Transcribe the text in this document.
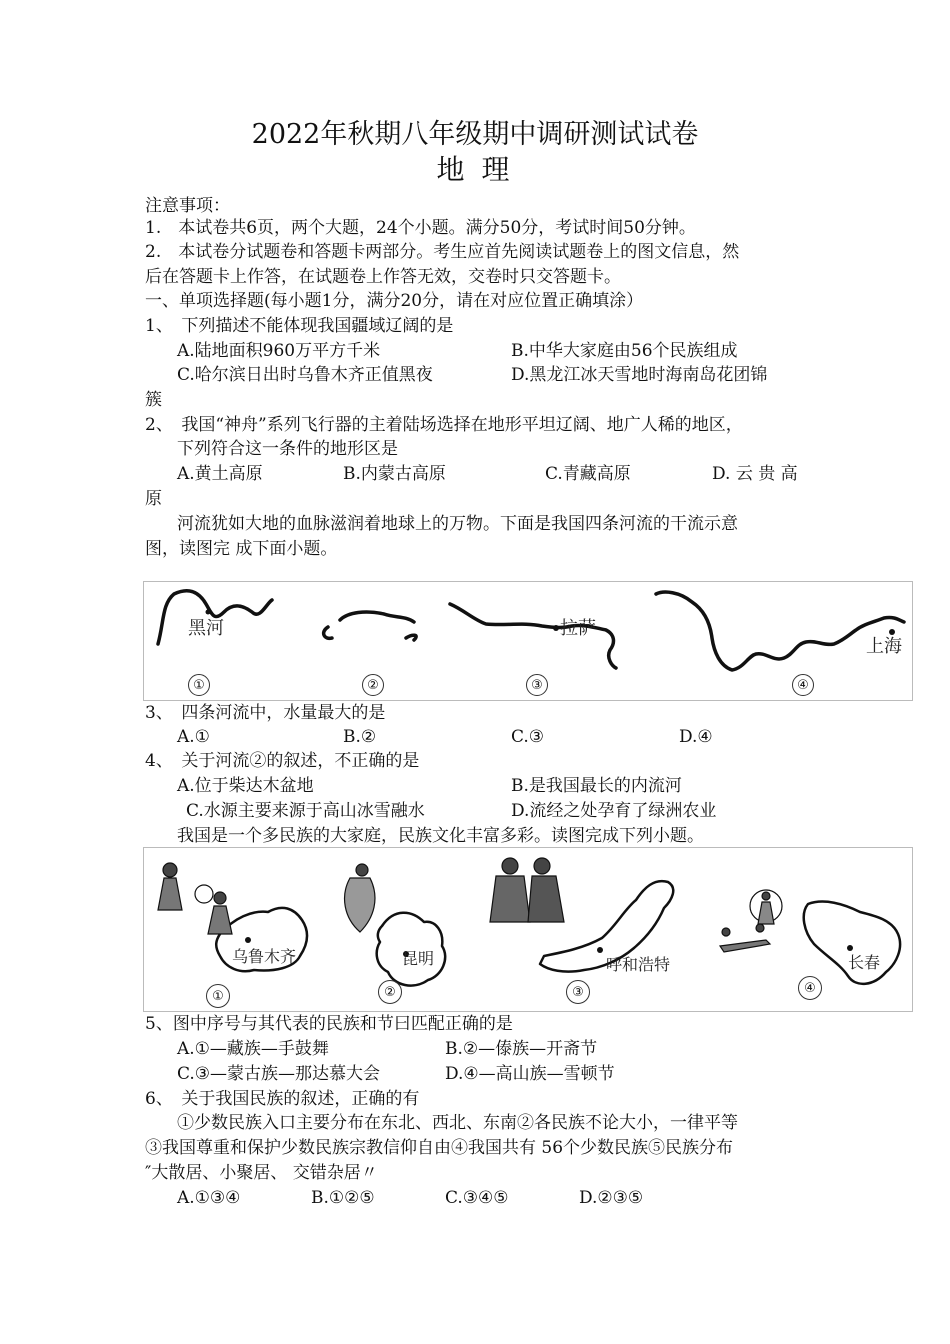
2022年秋期八年级期中调研测试试卷
地 理
注意事项：
1.　本试卷共6页，两个大题，24个小题。满分50分，考试时间50分钟。
2.　本试卷分试题卷和答题卡两部分。考生应首先阅读试题卷上的图文信息，然
后在答题卡上作答，在试题卷上作答无效，交卷时只交答题卡。
一、单项选择题(每小题1分，满分20分，请在对应位置正确填涂）
1、　下列描述不能体现我国疆域辽阔的是
A.陆地面积960万平方千米	B.中华大家庭由56个民族组成
C.哈尔滨日出时乌鲁木齐正值黑夜	D.黑龙江冰天雪地时海南岛花团锦
簇
2、　我国“神舟”系列飞行器的主着陆场选择在地形平坦辽阔、地广人稀的地区，
下列符合这一条件的地形区是
A.黄土高原	B.内蒙古高原	C.青藏高原	D. 云 贵 高
原
河流犹如大地的血脉滋润着地球上的万物。下面是我国四条河流的干流示意
图，读图完 成下面小题。
黑河	拉萨
上海
①	②	③	④
3、　四条河流中，水量最大的是
A.①	B.②	C.③	D.④
4、　关于河流②的叙述，不正确的是
A.位于柴达木盆地	B.是我国最长的内流河
C.水源主要来源于高山冰雪融水	D.流经之处孕育了绿洲农业
我国是一个多民族的大家庭，民族文化丰富多彩。读图完成下列小题。
乌鲁木齐	昆明	呼和浩特	长春
①	②	③	④
5、图中序号与其代表的民族和节曰匹配正确的是
A.①—藏族—手鼓舞	B.②—傣族—开斋节
C.③—蒙古族—那达慕大会	D.④—高山族—雪顿节
6、　关于我国民族的叙述，正确的有
①少数民族入口主要分布在东北、西北、东南②各民族不论大小，一律平等
③我国尊重和保护少数民族宗教信仰自由④我国共有 56个少数民族⑤民族分布
″大散居、小聚居、 交错杂居〃
A.①③④	B.①②⑤	C.③④⑤	D.②③⑤
